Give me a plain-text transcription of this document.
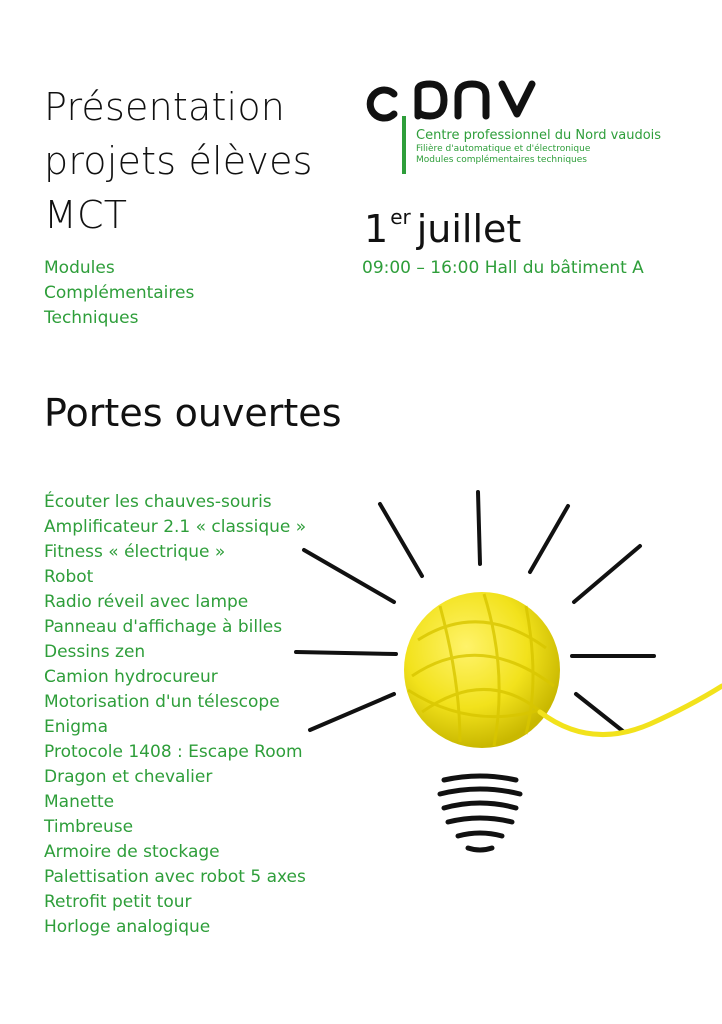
Présentation
projets élèves
MCT
Modules
Complémentaires
Techniques
Centre professionnel du Nord vaudois
Filière d'automatique et d'électronique
Modules complémentaires techniques
1 $^{er}$ juillet
09:00 – 16:00 Hall du bâtiment A
Portes ouvertes
Écouter les chauves-souris
Amplificateur 2.1 « classique »
Fitness « électrique »
Robot
Radio réveil avec lampe
Panneau d'affichage à billes
Dessins zen
Camion hydrocureur
Motorisation d'un télescope
Enigma
Protocole 1408 : Escape Room
Dragon et chevalier
Manette
Timbreuse
Armoire de stockage
Palettisation avec robot 5 axes
Retrofit petit tour
Horloge analogique
